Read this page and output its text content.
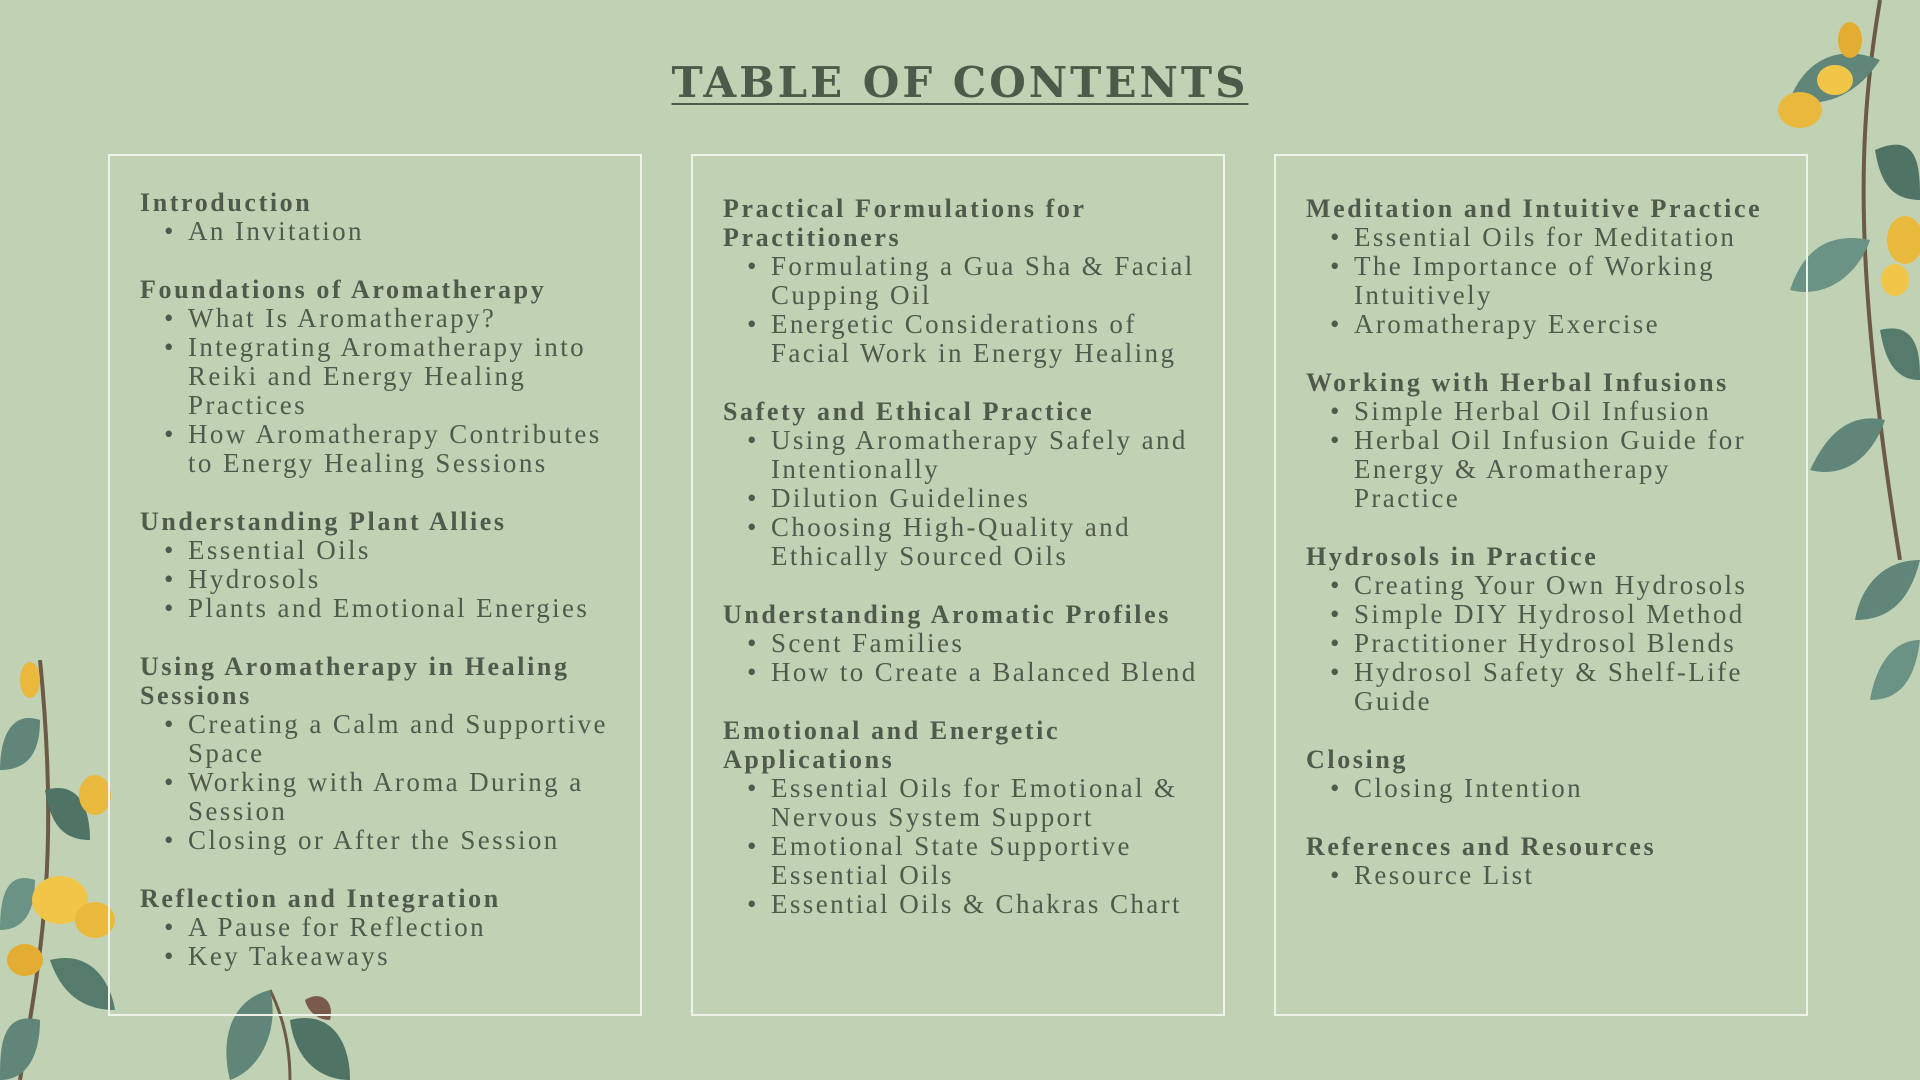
TABLE OF CONTENTS
Introduction
• An Invitation
Foundations of Aromatherapy
• What Is Aromatherapy?
• Integrating Aromatherapy into Reiki and Energy Healing Practices
• How Aromatherapy Contributes to Energy Healing Sessions
Understanding Plant Allies
• Essential Oils
• Hydrosols
• Plants and Emotional Energies
Using Aromatherapy in Healing Sessions
• Creating a Calm and Supportive Space
• Working with Aroma During a Session
• Closing or After the Session
Reflection and Integration
• A Pause for Reflection
• Key Takeaways
Practical Formulations for Practitioners
• Formulating a Gua Sha & Facial Cupping Oil
• Energetic Considerations of Facial Work in Energy Healing
Safety and Ethical Practice
• Using Aromatherapy Safely and Intentionally
• Dilution Guidelines
• Choosing High-Quality and Ethically Sourced Oils
Understanding Aromatic Profiles
• Scent Families
• How to Create a Balanced Blend
Emotional and Energetic Applications
• Essential Oils for Emotional & Nervous System Support
• Emotional State Supportive Essential Oils
• Essential Oils & Chakras Chart
Meditation and Intuitive Practice
• Essential Oils for Meditation
• The Importance of Working Intuitively
• Aromatherapy Exercise
Working with Herbal Infusions
• Simple Herbal Oil Infusion
• Herbal Oil Infusion Guide for Energy & Aromatherapy Practice
Hydrosols in Practice
• Creating Your Own Hydrosols
• Simple DIY Hydrosol Method
• Practitioner Hydrosol Blends
• Hydrosol Safety & Shelf-Life Guide
Closing
• Closing Intention
References and Resources
• Resource List
